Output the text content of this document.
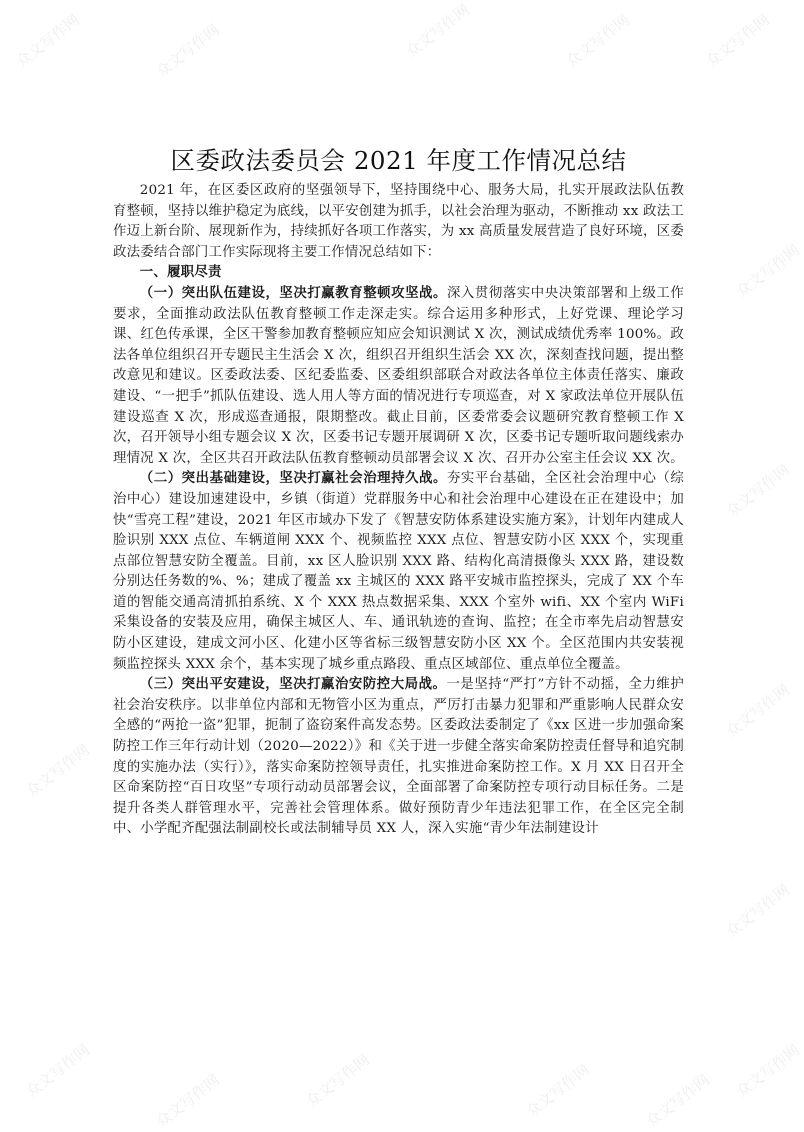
众文写作网	众文写作网	众文写作网	众文写作网	众文写作网
众文写作网
众文写作网
众文写作网
众文写作网
众文写作网
众文写作网
众文写作网	众文写作网	众文写作网	众文写作网
众文写作网
区委政法委员会 2021 年度工作情况总结

2021 年，在区委区政府的坚强领导下，坚持围绕中心、服务大局，扎实开展政法队伍教育整顿，坚持以维护稳定为底线，以平安创建为抓手，以社会治理为驱动，不断推动 xx 政法工作迈上新台阶、展现新作为，持续抓好各项工作落实，为 xx 高质量发展营造了良好环境，区委政法委结合部门工作实际现将主要工作情况总结如下：

一、履职尽责

（一）突出队伍建设，坚决打赢教育整顿攻坚战。深入贯彻落实中央决策部署和上级工作要求，全面推动政法队伍教育整顿工作走深走实。综合运用多种形式，上好党课、理论学习课、红色传承课，全区干警参加教育整顿应知应会知识测试 X 次，测试成绩优秀率 100%。政法各单位组织召开专题民主生活会 X 次，组织召开组织生活会 XX 次，深刻查找问题，提出整改意见和建议。区委政法委、区纪委监委、区委组织部联合对政法各单位主体责任落实、廉政建设、“一把手”抓队伍建设、选人用人等方面的情况进行专项巡查，对 X 家政法单位开展队伍建设巡查 X 次，形成巡查通报，限期整改。截止目前，区委常委会议题研究教育整顿工作 X 次，召开领导小组专题会议 X 次，区委书记专题开展调研 X 次，区委书记专题听取问题线索办理情况 X 次，全区共召开政法队伍教育整顿动员部署会议 X 次、召开办公室主任会议 XX 次。

（二）突出基础建设，坚决打赢社会治理持久战。夯实平台基础，全区社会治理中心（综治中心）建设加速建设中，乡镇（街道）党群服务中心和社会治理中心建设在正在建设中；加快“雪亮工程”建设，2021 年区市域办下发了《智慧安防体系建设实施方案》，计划年内建成人脸识别 XXX 点位、车辆道闸 XXX 个、视频监控 XXX 点位、智慧安防小区 XXX 个，实现重点部位智慧安防全覆盖。目前，xx 区人脸识别 XXX 路、结构化高清摄像头 XXX 路，建设数分别达任务数的%、%；建成了覆盖 xx 主城区的 XXX 路平安城市监控探头，完成了 XX 个车道的智能交通高清抓拍系统、X 个 XXX 热点数据采集、XXX 个室外 wifi、XX 个室内 WiFi 采集设备的安装及应用，确保主城区人、车、通讯轨迹的查询、监控；在全市率先启动智慧安防小区建设，建成文河小区、化建小区等省标三级智慧安防小区 XX 个。全区范围内共安装视频监控探头 XXX 余个，基本实现了城乡重点路段、重点区域部位、重点单位全覆盖。

（三）突出平安建设，坚决打赢治安防控大局战。一是坚持“严打”方针不动摇，全力维护社会治安秩序。以非单位内部和无物管小区为重点，严厉打击暴力犯罪和严重影响人民群众安全感的“两抢一盗”犯罪，扼制了盗窃案件高发态势。区委政法委制定了《xx 区进一步加强命案防控工作三年行动计划（2020—2022）》和《关于进一步健全落实命案防控责任督导和追究制度的实施办法（实行）》，落实命案防控领导责任，扎实推进命案防控工作。X 月 XX 日召开全区命案防控“百日攻坚”专项行动动员部署会议，全面部署了命案防控专项行动目标任务。二是提升各类人群管理水平，完善社会管理体系。做好预防青少年违法犯罪工作，在全区完全制中、小学配齐配强法制副校长或法制辅导员 XX 人，深入实施“青少年法制建设计
